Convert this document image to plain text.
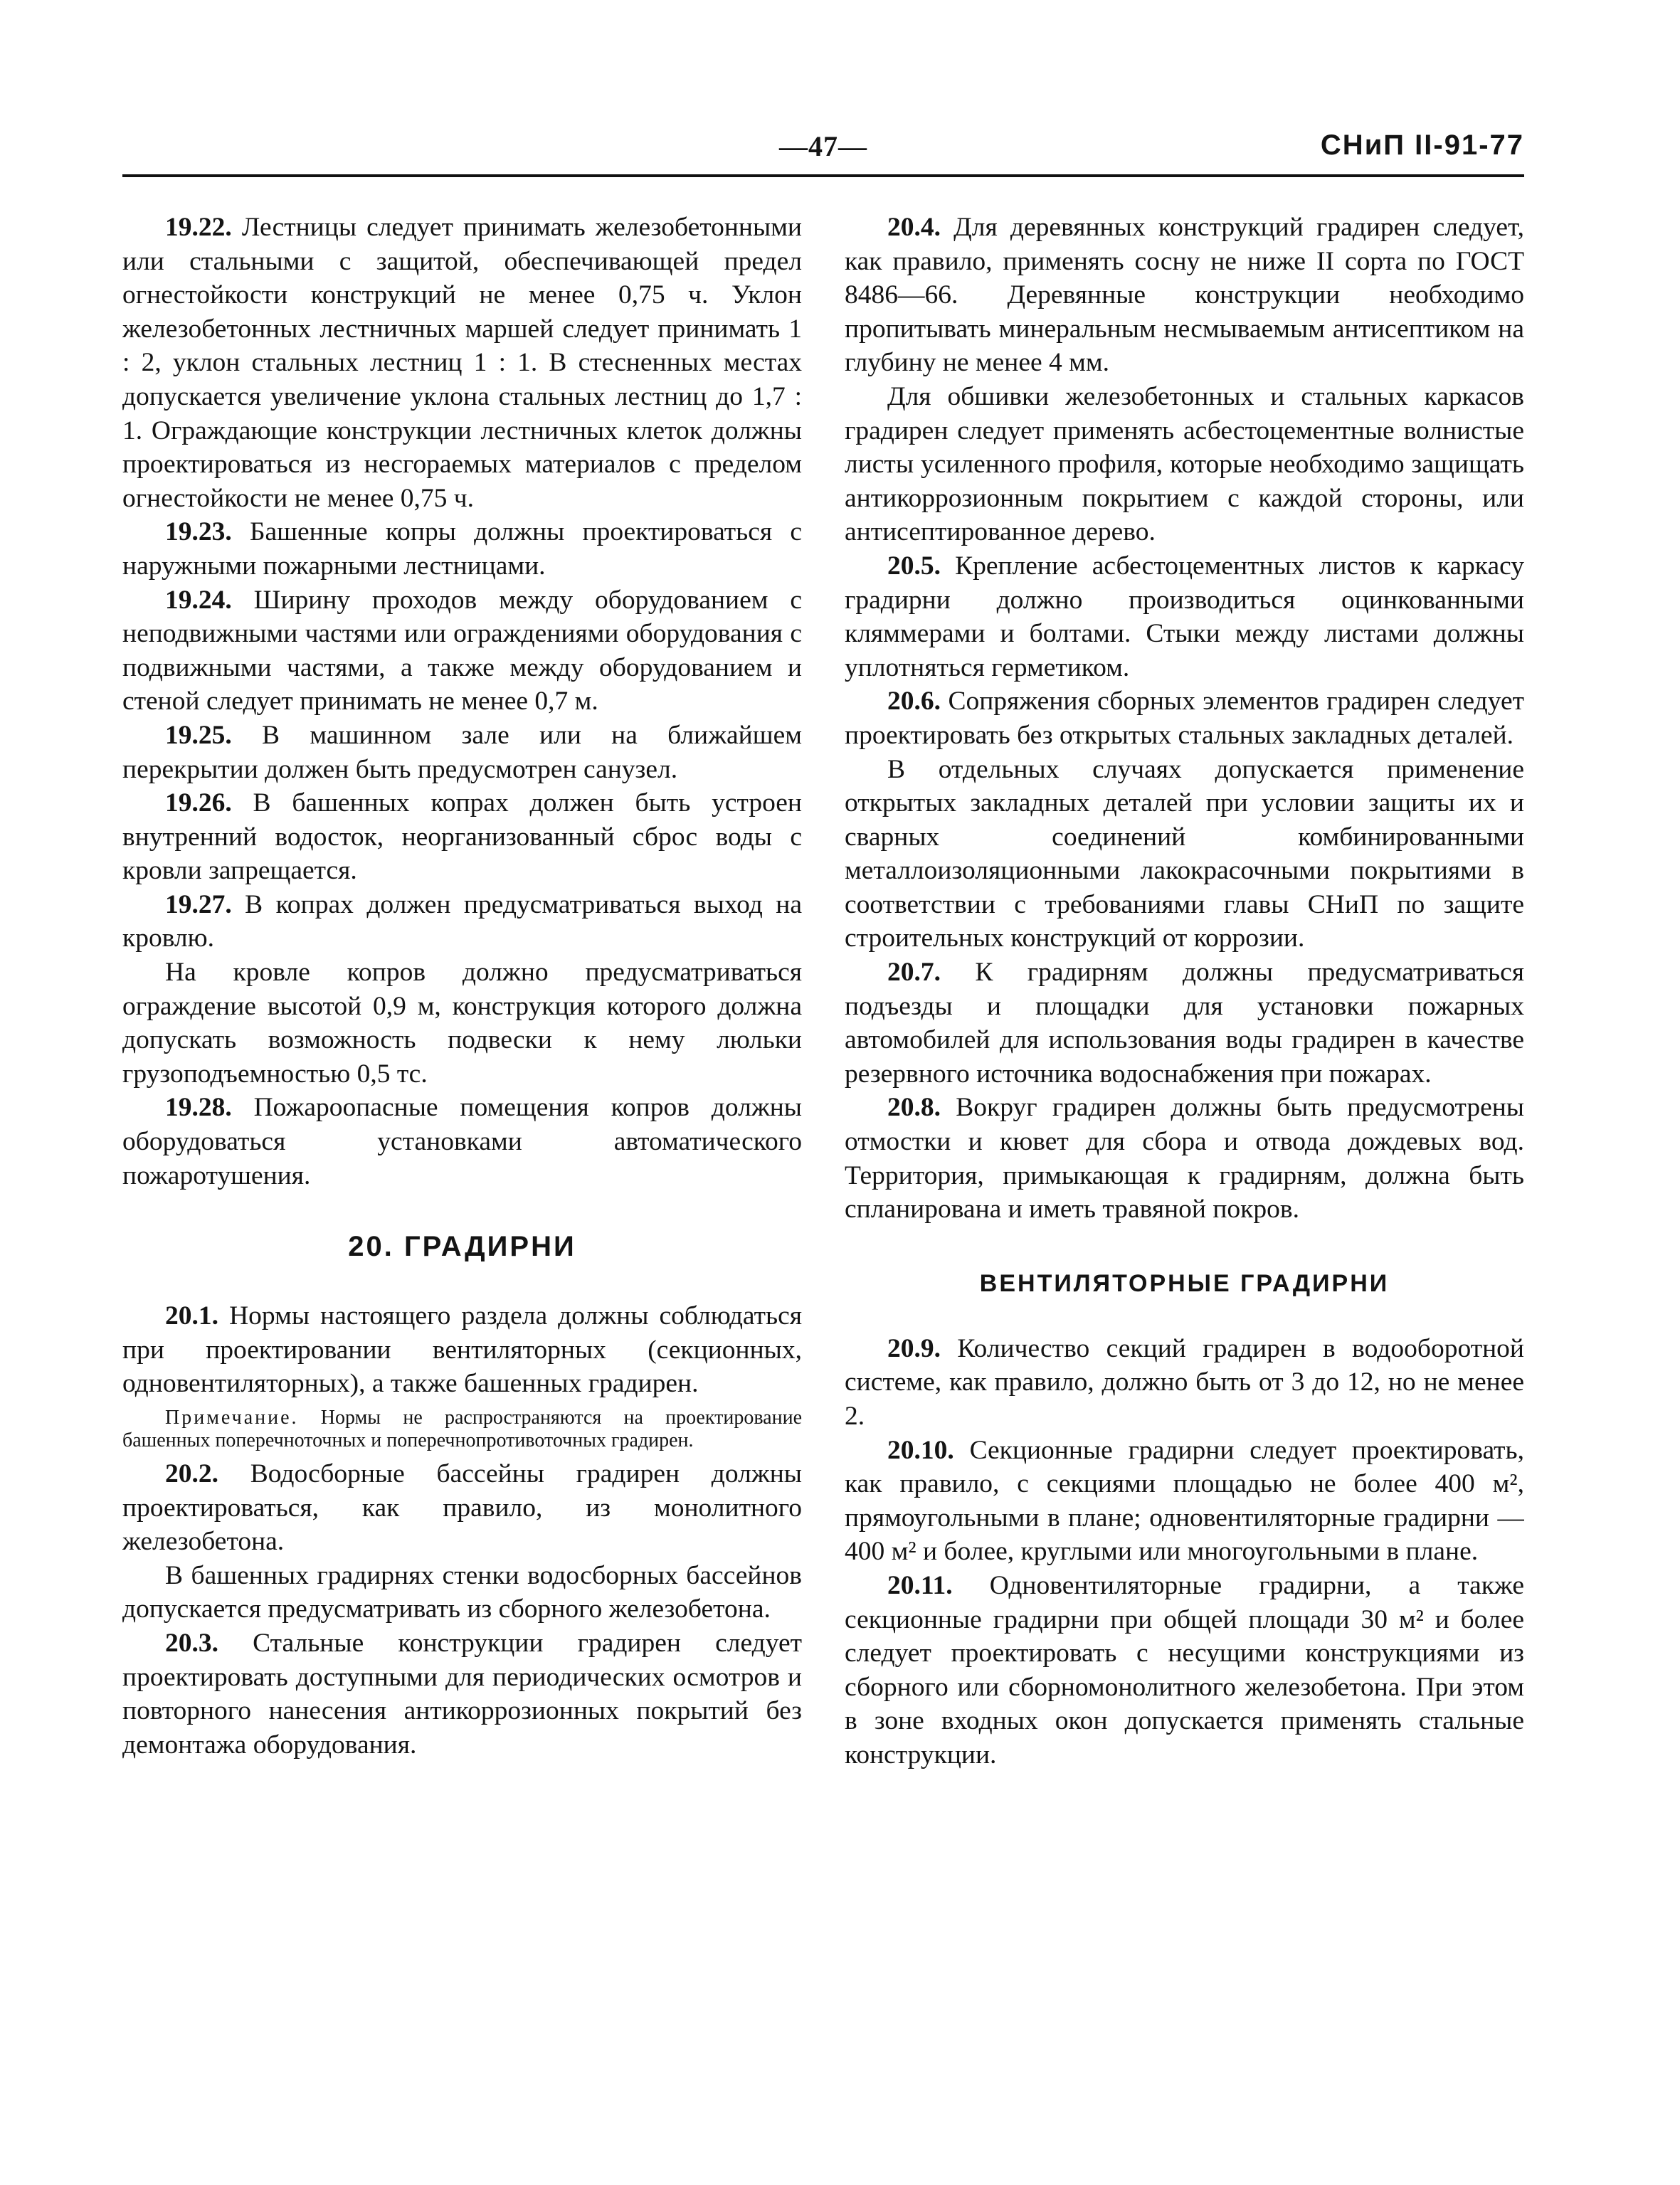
—47—	СНиП II-91-77

19.22. Лестницы следует принимать железобетонными или стальными с защитой, обеспечивающей предел огнестойкости конструкций не менее 0,75 ч. Уклон железобетонных лестничных маршей следует принимать 1 : 2, уклон стальных лестниц 1 : 1. В стесненных местах допускается увеличение уклона стальных лестниц до 1,7 : 1. Ограждающие конструкции лестничных клеток должны проектироваться из несгораемых материалов с пределом огнестойкости не менее 0,75 ч.

19.23. Башенные копры должны проектироваться с наружными пожарными лестницами.

19.24. Ширину проходов между оборудованием с неподвижными частями или ограждениями оборудования с подвижными частями, а также между оборудованием и стеной следует принимать не менее 0,7 м.

19.25. В машинном зале или на ближайшем перекрытии должен быть предусмотрен санузел.

19.26. В башенных копрах должен быть устроен внутренний водосток, неорганизованный сброс воды с кровли запрещается.

19.27. В копрах должен предусматриваться выход на кровлю.

На кровле копров должно предусматриваться ограждение высотой 0,9 м, конструкция которого должна допускать возможность подвески к нему люльки грузоподъемностью 0,5 тс.

19.28. Пожароопасные помещения копров должны оборудоваться установками автоматического пожаротушения.

20. ГРАДИРНИ

20.1. Нормы настоящего раздела должны соблюдаться при проектировании вентиляторных (секционных, одновентиляторных), а также башенных градирен.

Примечание. Нормы не распространяются на проектирование башенных поперечноточных и поперечнопротивоточных градирен.

20.2. Водосборные бассейны градирен должны проектироваться, как правило, из монолитного железобетона.

В башенных градирнях стенки водосборных бассейнов допускается предусматривать из сборного железобетона.

20.3. Стальные конструкции градирен следует проектировать доступными для периодических осмотров и повторного нанесения антикоррозионных покрытий без демонтажа оборудования.

20.4. Для деревянных конструкций градирен следует, как правило, применять сосну не ниже II сорта по ГОСТ 8486—66. Деревянные конструкции необходимо пропитывать минеральным несмываемым антисептиком на глубину не менее 4 мм.

Для обшивки железобетонных и стальных каркасов градирен следует применять асбестоцементные волнистые листы усиленного профиля, которые необходимо защищать антикоррозионным покрытием с каждой стороны, или антисептированное дерево.

20.5. Крепление асбестоцементных листов к каркасу градирни должно производиться оцинкованными кляммерами и болтами. Стыки между листами должны уплотняться герметиком.

20.6. Сопряжения сборных элементов градирен следует проектировать без открытых стальных закладных деталей.

В отдельных случаях допускается применение открытых закладных деталей при условии защиты их и сварных соединений комбинированными металлоизоляционными лакокрасочными покрытиями в соответствии с требованиями главы СНиП по защите строительных конструкций от коррозии.

20.7. К градирням должны предусматриваться подъезды и площадки для установки пожарных автомобилей для использования воды градирен в качестве резервного источника водоснабжения при пожарах.

20.8. Вокруг градирен должны быть предусмотрены отмостки и кювет для сбора и отвода дождевых вод. Территория, примыкающая к градирням, должна быть спланирована и иметь травяной покров.

ВЕНТИЛЯТОРНЫЕ ГРАДИРНИ

20.9. Количество секций градирен в водооборотной системе, как правило, должно быть от 3 до 12, но не менее 2.

20.10. Секционные градирни следует проектировать, как правило, с секциями площадью не более 400 м², прямоугольными в плане; одновентиляторные градирни — 400 м² и более, круглыми или многоугольными в плане.

20.11. Одновентиляторные градирни, а также секционные градирни при общей площади 30 м² и более следует проектировать с несущими конструкциями из сборного или сборномонолитного железобетона. При этом в зоне входных окон допускается применять стальные конструкции.
